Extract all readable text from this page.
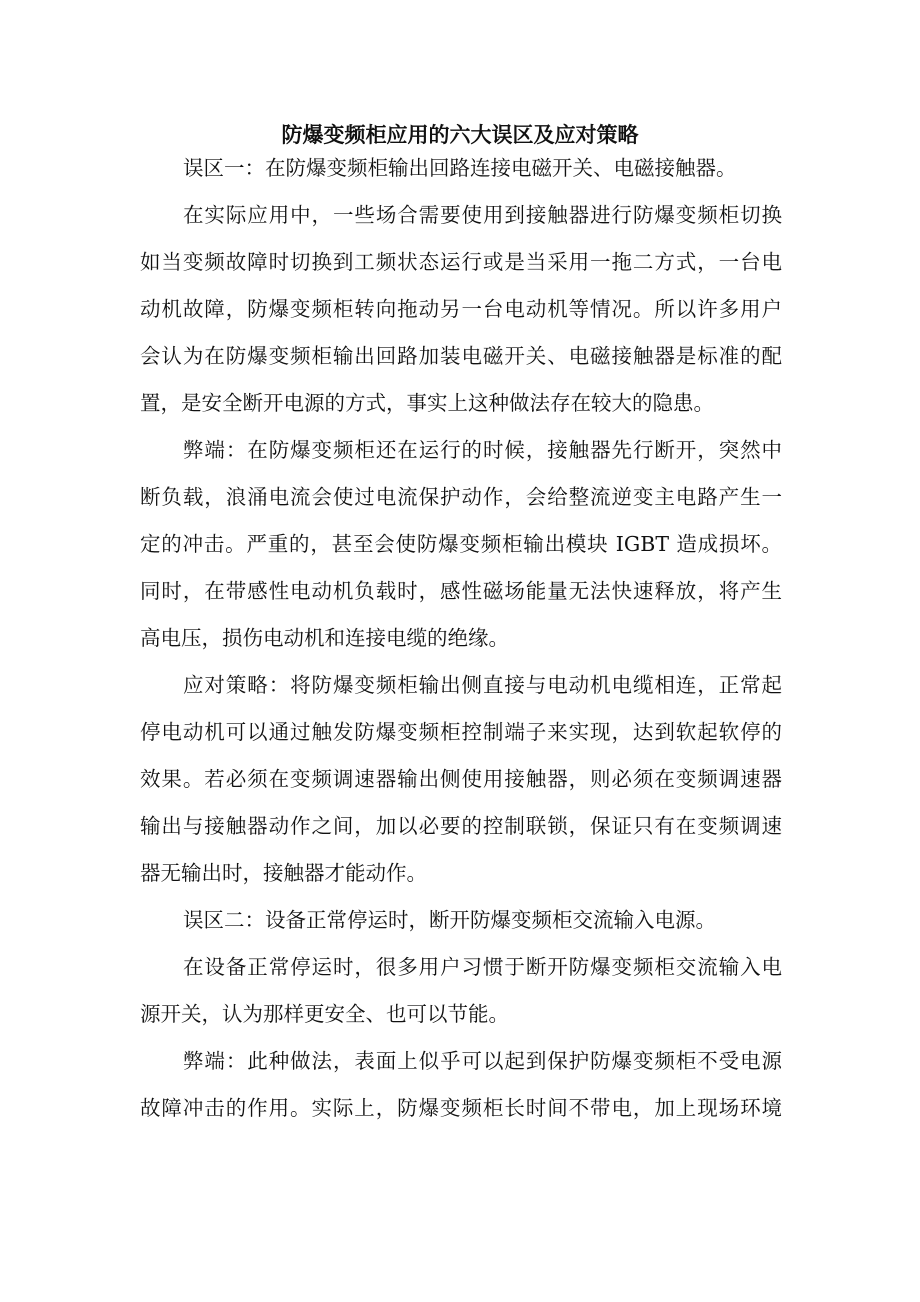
防爆变频柜应用的六大误区及应对策略
误区一：在防爆变频柜输出回路连接电磁开关、电磁接触器。
在实际应用中，一些场合需要使用到接触器进行防爆变频柜切换
如当变频故障时切换到工频状态运行或是当采用一拖二方式，一台电
动机故障，防爆变频柜转向拖动另一台电动机等情况。所以许多用户
会认为在防爆变频柜输出回路加装电磁开关、电磁接触器是标准的配
置，是安全断开电源的方式，事实上这种做法存在较大的隐患。
弊端：在防爆变频柜还在运行的时候，接触器先行断开，突然中
断负载，浪涌电流会使过电流保护动作，会给整流逆变主电路产生一
定的冲击。严重的，甚至会使防爆变频柜输出模块 IGBT 造成损坏。
同时，在带感性电动机负载时，感性磁场能量无法快速释放，将产生
高电压，损伤电动机和连接电缆的绝缘。
应对策略：将防爆变频柜输出侧直接与电动机电缆相连，正常起
停电动机可以通过触发防爆变频柜控制端子来实现，达到软起软停的
效果。若必须在变频调速器输出侧使用接触器，则必须在变频调速器
输出与接触器动作之间，加以必要的控制联锁，保证只有在变频调速
器无输出时，接触器才能动作。
误区二：设备正常停运时，断开防爆变频柜交流输入电源。
在设备正常停运时，很多用户习惯于断开防爆变频柜交流输入电
源开关，认为那样更安全、也可以节能。
弊端：此种做法，表面上似乎可以起到保护防爆变频柜不受电源
故障冲击的作用。实际上，防爆变频柜长时间不带电，加上现场环境
